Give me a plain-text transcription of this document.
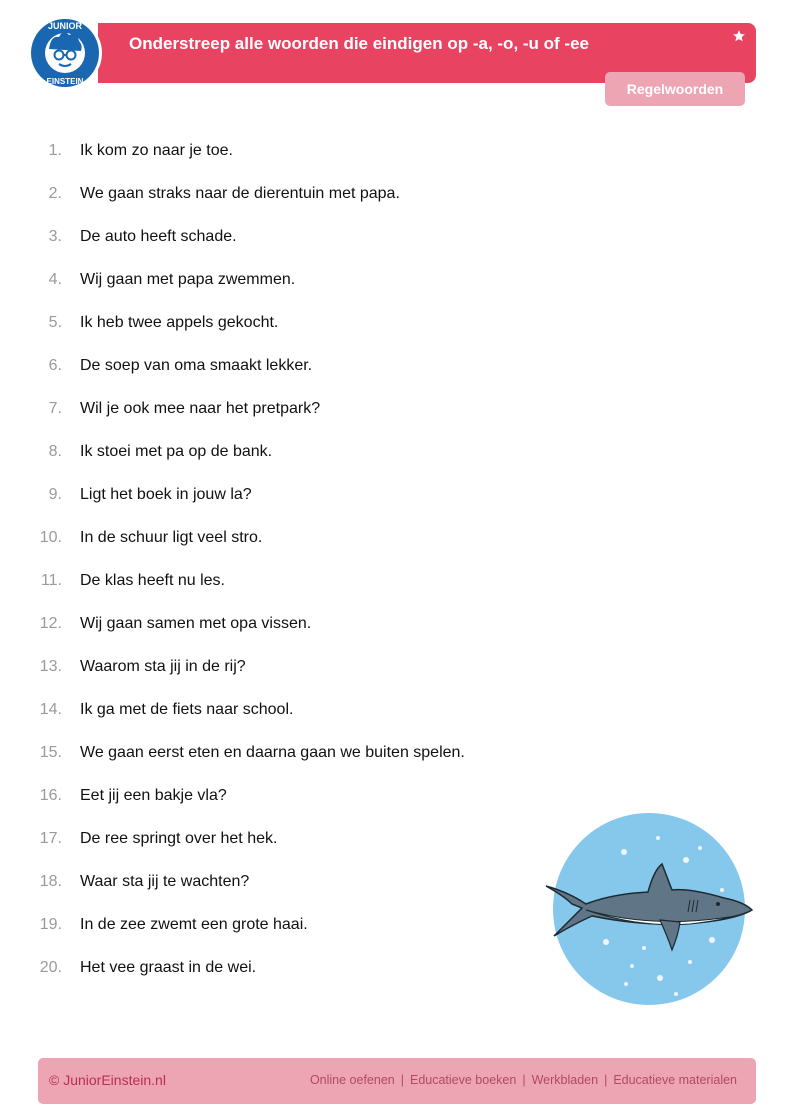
JUNIOR
EINSTEIN
Onderstreep alle woorden die eindigen op -a, -o, -u of -ee
Regelwoorden
1. Ik kom zo naar je toe.
2. We gaan straks naar de dierentuin met papa.
3. De auto heeft schade.
4. Wij gaan met papa zwemmen.
5. Ik heb twee appels gekocht.
6. De soep van oma smaakt lekker.
7. Wil je ook mee naar het pretpark?
8. Ik stoei met pa op de bank.
9. Ligt het boek in jouw la?
10. In de schuur ligt veel stro.
11. De klas heeft nu les.
12. Wij gaan samen met opa vissen.
13. Waarom sta jij in de rij?
14. Ik ga met de fiets naar school.
15. We gaan eerst eten en daarna gaan we buiten spelen.
16. Eet jij een bakje vla?
17. De ree springt over het hek.
18. Waar sta jij te wachten?
19. In de zee zwemt een grote haai.
20. Het vee graast in de wei.
© JuniorEinstein.nl	Online oefenen | Educatieve boeken | Werkbladen | Educatieve materialen
